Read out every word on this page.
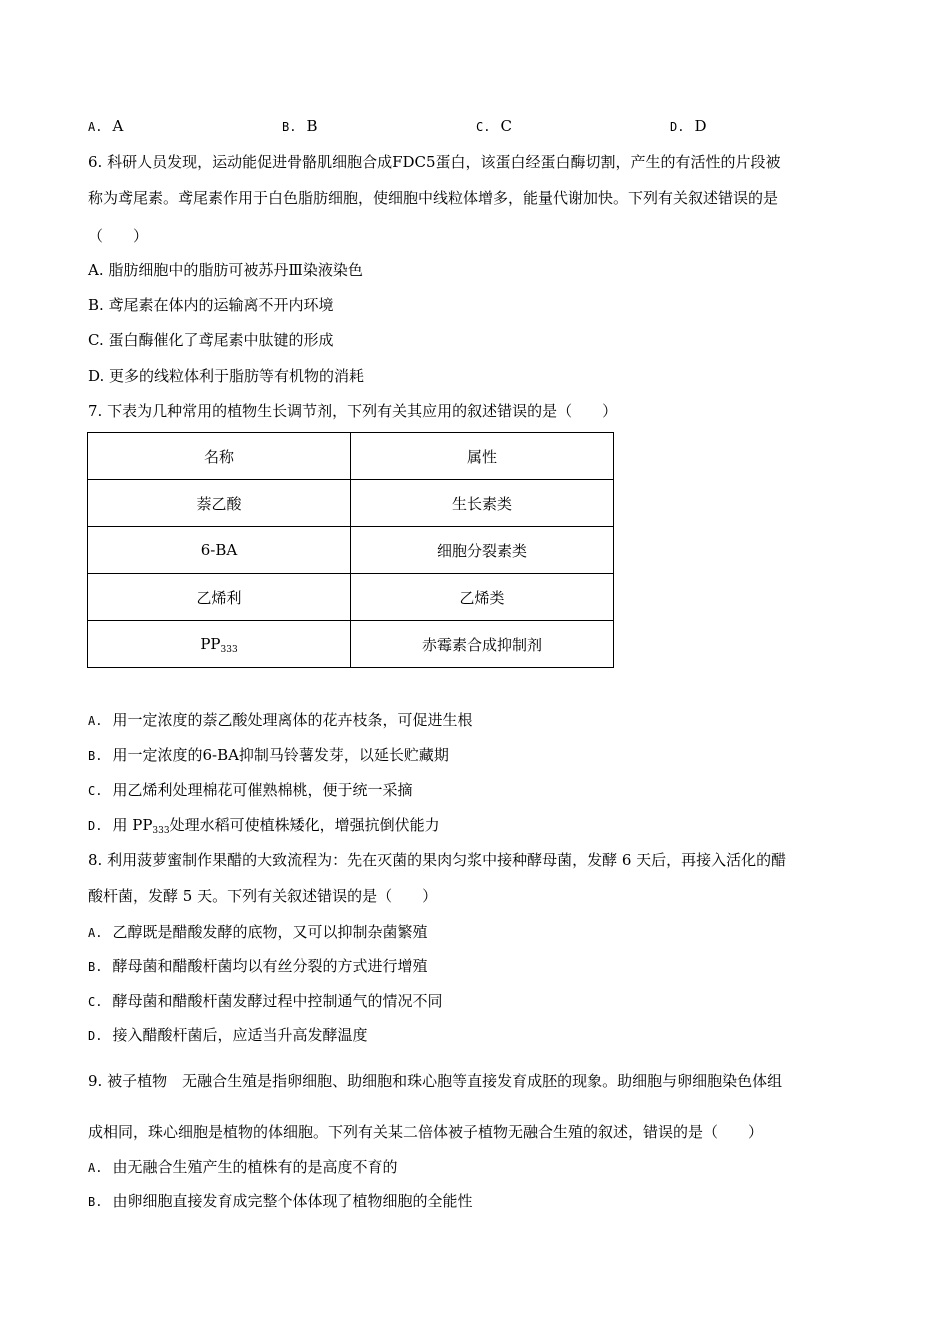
A. A	B. B	C. C	D. D
6. 科研人员发现，运动能促进骨骼肌细胞合成FDC5蛋白，该蛋白经蛋白酶切割，产生的有活性的片段被
称为鸢尾素。鸢尾素作用于白色脂肪细胞，使细胞中线粒体增多，能量代谢加快。下列有关叙述错误的是
（　　）
A. 脂肪细胞中的脂肪可被苏丹Ⅲ染液染色
B. 鸢尾素在体内的运输离不开内环境
C. 蛋白酶催化了鸢尾素中肽键的形成
D. 更多的线粒体利于脂肪等有机物的消耗
7. 下表为几种常用的植物生长调节剂，下列有关其应用的叙述错误的是（　　）
名称	属性
萘乙酸	生长素类
6-BA	细胞分裂素类
乙烯利	乙烯类
$PP_{333}$	赤霉素合成抑制剂
A. 用一定浓度的萘乙酸处理离体的花卉枝条，可促进生根
B. 用一定浓度的6-BA抑制马铃薯发芽，以延长贮藏期
C. 用乙烯利处理棉花可催熟棉桃，便于统一采摘
D. 用 $PP_{333}$处理水稻可使植株矮化，增强抗倒伏能力
8. 利用菠萝蜜制作果醋的大致流程为：先在灭菌的果肉匀浆中接种酵母菌，发酵 6 天后，再接入活化的醋
酸杆菌，发酵 5 天。下列有关叙述错误的是（　　）
A. 乙醇既是醋酸发酵的底物，又可以抑制杂菌繁殖
B. 酵母菌和醋酸杆菌均以有丝分裂的方式进行增殖
C. 酵母菌和醋酸杆菌发酵过程中控制通气的情况不同
D. 接入醋酸杆菌后，应适当升高发酵温度
9. 被子植物　无融合生殖是指卵细胞、助细胞和珠心胞等直接发育成胚的现象。助细胞与卵细胞染色体组
成相同，珠心细胞是植物的体细胞。下列有关某二倍体被子植物无融合生殖的叙述，错误的是（　　）
A. 由无融合生殖产生的植株有的是高度不育的
B. 由卵细胞直接发育成完整个体体现了植物细胞的全能性
